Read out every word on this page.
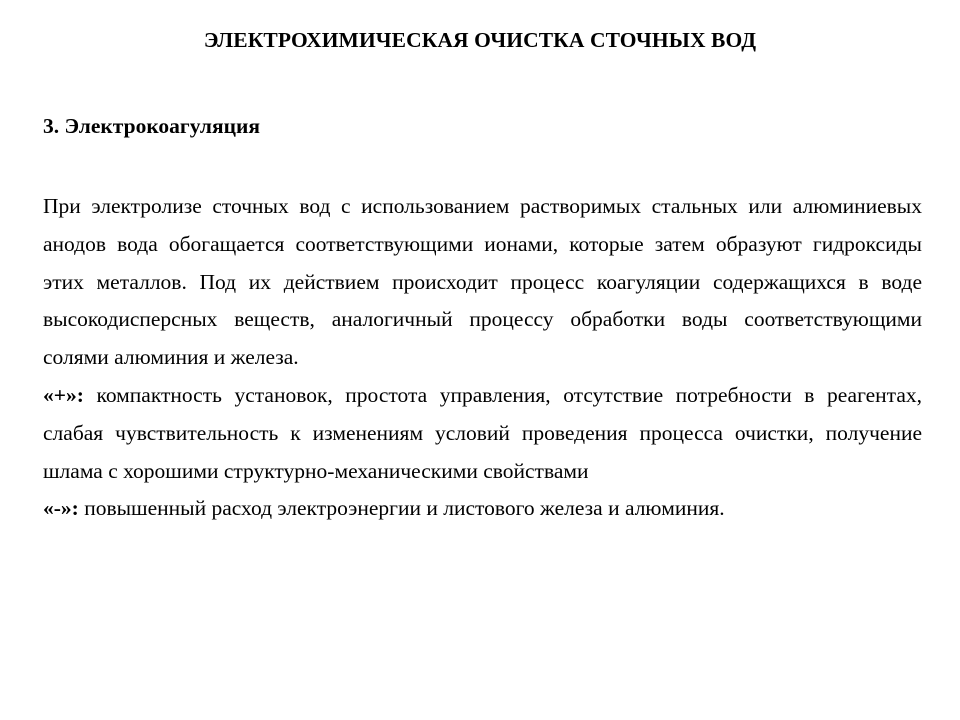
ЭЛЕКТРОХИМИЧЕСКАЯ ОЧИСТКА СТОЧНЫХ ВОД
3. Электрокоагуляция

При электролизе сточных вод с использованием растворимых стальных или алюминиевых анодов вода обогащается соответствующими ионами, которые затем образуют гидроксиды этих металлов. Под их действием происходит процесс коагуляции содержащихся в воде высокодисперсных веществ, аналогичный процессу обработки воды соответствующими солями алюминия и железа.

«+»: компактность установок, простота управления, отсутствие потребности в реагентах, слабая чувствительность к изменениям условий проведения процесса очистки, получение шлама с хорошими структурно-механическими свойствами

«-»: повышенный расход электроэнергии и листового железа и алюминия.
